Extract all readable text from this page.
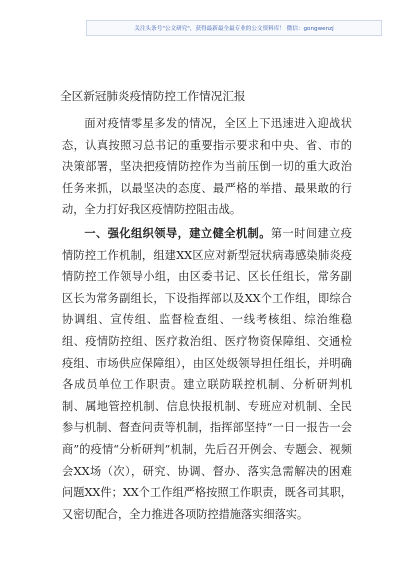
关注头条号"公文研究"，获得最新最全最专业的公文资料库！ 微信：gongwenzj
全区新冠肺炎疫情防控工作情况汇报

面对疫情零星多发的情况，全区上下迅速进入迎战状态，认真按照习总书记的重要指示要求和中央、省、市的决策部署，坚决把疫情防控作为当前压倒一切的重大政治任务来抓，以最坚决的态度、最严格的举措、最果敢的行动，全力打好我区疫情防控阻击战。

一、强化组织领导，建立健全机制。第一时间建立疫情防控工作机制，组建XX区应对新型冠状病毒感染肺炎疫情防控工作领导小组，由区委书记、区长任组长，常务副区长为常务副组长，下设指挥部以及XX个工作组，即综合协调组、宣传组、监督检查组、一线考核组、综治维稳组、疫情防控组、医疗救治组、医疗物资保障组、交通检疫组、市场供应保障组），由区处级领导担任组长，并明确各成员单位工作职责。建立联防联控机制、分析研判机制、属地管控机制、信息快报机制、专班应对机制、全民参与机制、督查问责等机制，指挥部坚持“一日一报告一会商”的疫情“分析研判”机制，先后召开例会、专题会、视频会XX场（次），研究、协调、督办、落实急需解决的困难问题XX件；XX个工作组严格按照工作职责，既各司其职，又密切配合，全力推进各项防控措施落实细落实。
